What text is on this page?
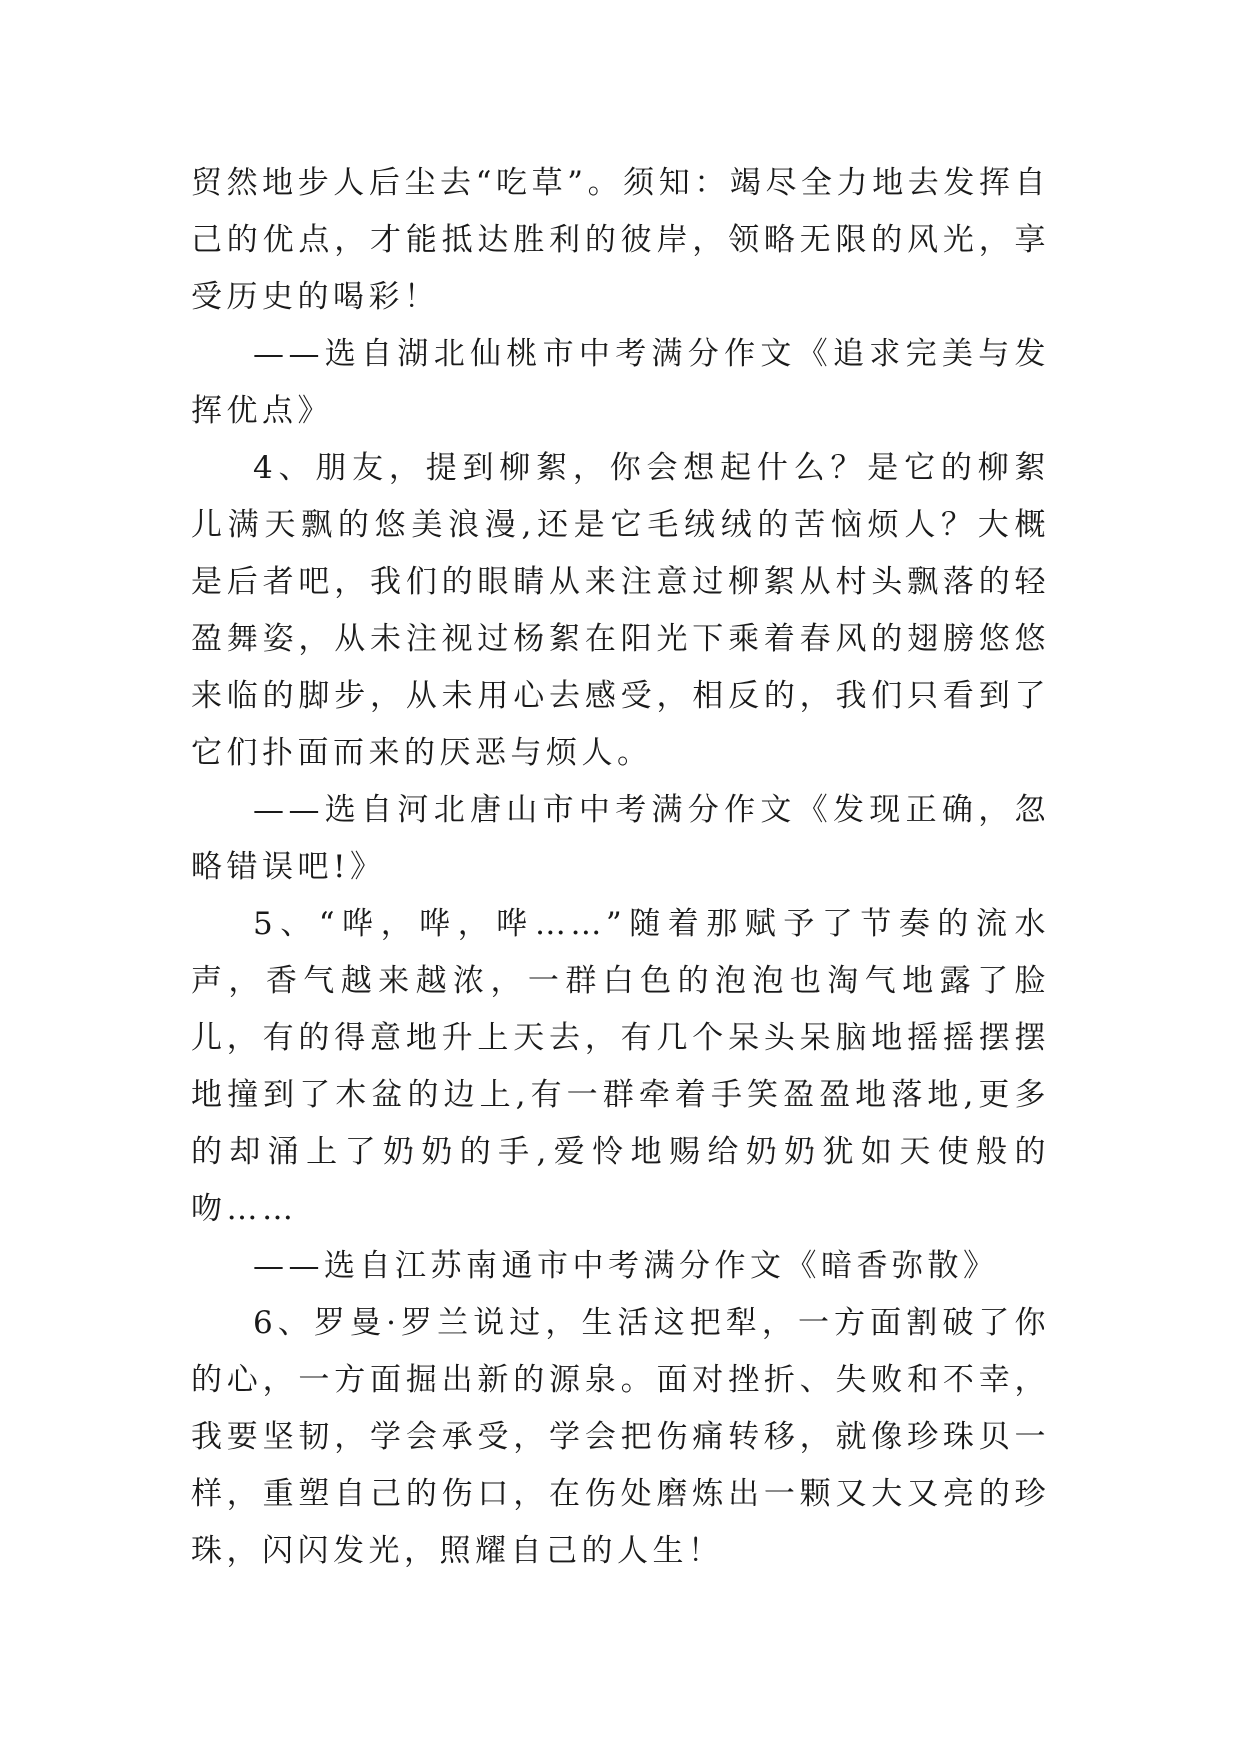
贸然地步人后尘去“吃草”。须知：竭尽全力地去发挥自己的优点，才能抵达胜利的彼岸，领略无限的风光，享受历史的喝彩！

——选自湖北仙桃市中考满分作文《追求完美与发挥优点》

4、朋友，提到柳絮，你会想起什么？是它的柳絮儿满天飘的悠美浪漫,还是它毛绒绒的苦恼烦人？大概是后者吧，我们的眼睛从来注意过柳絮从村头飘落的轻盈舞姿，从未注视过杨絮在阳光下乘着春风的翅膀悠悠来临的脚步，从未用心去感受，相反的，我们只看到了它们扑面而来的厌恶与烦人。

——选自河北唐山市中考满分作文《发现正确，忽略错误吧!》

5、“哗，哗，哗……”随着那赋予了节奏的流水声，香气越来越浓，一群白色的泡泡也淘气地露了脸儿，有的得意地升上天去，有几个呆头呆脑地摇摇摆摆地撞到了木盆的边上,有一群牵着手笑盈盈地落地,更多的却涌上了奶奶的手,爱怜地赐给奶奶犹如天使般的吻……

——选自江苏南通市中考满分作文《暗香弥散》

6、罗曼·罗兰说过，生活这把犁，一方面割破了你的心，一方面掘出新的源泉。面对挫折、失败和不幸，我要坚韧，学会承受，学会把伤痛转移，就像珍珠贝一样，重塑自己的伤口，在伤处磨炼出一颗又大又亮的珍珠，闪闪发光，照耀自己的人生！
